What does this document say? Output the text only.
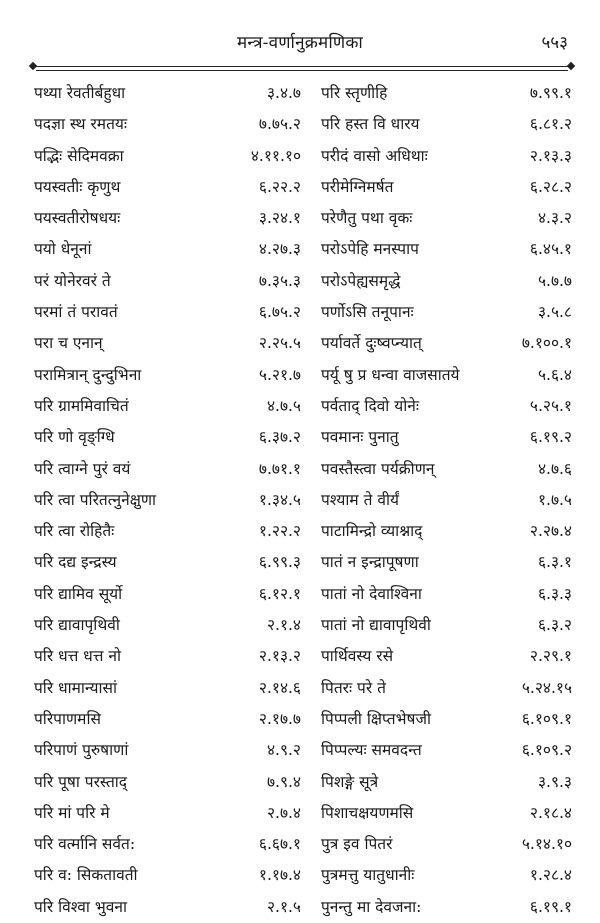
मन्त्र-वर्णानुक्रमणिका	५५३
पथ्या रेवतीर्बहुधा	३.४.७
पदज्ञा स्थ रमतयः	७.७५.२
पद्भिः सेदिमवक्रा	४.११.१०
पयस्वतीः कृणुथ	६.२२.२
पयस्वतीरोषधयः	३.२४.१
पयो धेनूनां	४.२७.३
परं योनेरवरं ते	७.३५.३
परमां तं परावतं	६.७५.२
परा च एनान्	२.२५.५
परामित्रान् दुन्दुभिना	५.२१.७
परि ग्राममिवाचितं	४.७.५
परि णो वृङ्ग्धि	६.३७.२
परि त्वाग्ने पुरं वयं	७.७१.१
परि त्वा परितत्नुनेक्षुणा	१.३४.५
परि त्वा रोहितैः	१.२२.२
परि दद्य इन्द्रस्य	६.९९.३
परि द्यामिव सूर्यो	६.१२.१
परि द्यावापृथिवी	२.१.४
परि धत्त धत्त नो	२.१३.२
परि धामान्यासां	२.१४.६
परिपाणमसि	२.१७.७
परिपाणं पुरुषाणां	४.९.२
परि पूषा परस्ताद्	७.९.४
परि मां परि मे	२.७.४
परि वर्त्मानि सर्वत:	६.६७.१
परि व: सिकतावती	१.१७.४
परि विश्वा भुवना	२.१.५
परि स्तृणीहि	७.९९.१
परि हस्त वि धारय	६.८१.२
परीदं वासो अधिथाः	२.१३.३
परीमेग्निमर्षत	६.२८.२
परेणैतु पथा वृकः	४.३.२
परोऽपेहि मनस्पाप	६.४५.१
परोऽपेह्यसमृद्धे	५.७.७
पर्णोऽसि तनूपानः	३.५.८
पर्यावर्ते दुःष्वप्न्यात्	७.१००.१
पर्यू षु प्र धन्वा वाजसातये	५.६.४
पर्वताद् दिवो योनेः	५.२५.१
पवमानः पुनातु	६.१९.२
पवस्तैस्त्वा पर्यक्रीणन्	४.७.६
पश्याम ते वीर्यं	१.७.५
पाटामिन्द्रो व्याश्नाद्	२.२७.४
पातं न इन्द्रापूषणा	६.३.१
पातां नो देवाश्विना	६.३.३
पातां नो द्यावापृथिवी	६.३.२
पार्थिवस्य रसे	२.२९.१
पितरः परे ते	५.२४.१५
पिप्पली क्षिप्तभेषजी	६.१०९.१
पिप्पल्यः समवदन्त	६.१०९.२
पिशङ्गे सूत्रे	३.९.३
पिशाचक्षयणमसि	२.१८.४
पुत्र इव पितरं	५.१४.१०
पुत्रमत्तु यातुधानीः	१.२८.४
पुनन्तु मा देवजना:	६.१९.१
